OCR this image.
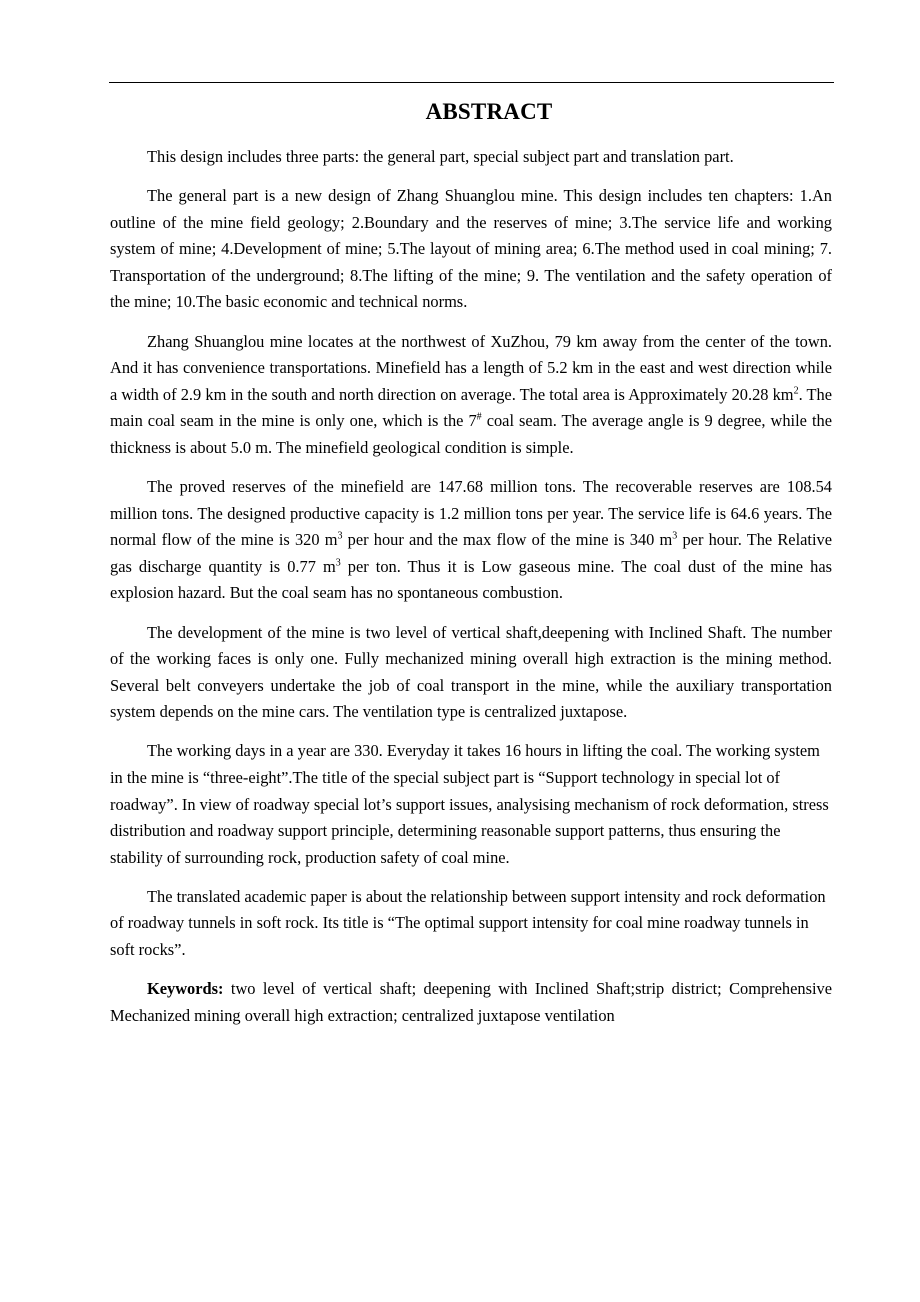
ABSTRACT

This design includes three parts: the general part, special subject part and translation part.

The general part is a new design of Zhang Shuanglou mine. This design includes ten chapters: 1.An outline of the mine field geology; 2.Boundary and the reserves of mine; 3.The service life and working system of mine; 4.Development of mine; 5.The layout of mining area; 6.The method used in coal mining; 7. Transportation of the underground; 8.The lifting of the mine; 9. The ventilation and the safety operation of the mine; 10.The basic economic and technical norms.

Zhang Shuanglou mine locates at the northwest of XuZhou, 79 km away from the center of the town. And it has convenience transportations. Minefield has a length of 5.2 km in the east and west direction while a width of 2.9 km in the south and north direction on average. The total area is Approximately 20.28 $km^2$. The main coal seam in the mine is only one, which is the 7# coal seam. The average angle is 9 degree, while the thickness is about 5.0 m. The minefield geological condition is simple.

The proved reserves of the minefield are 147.68 million tons. The recoverable reserves are 108.54 million tons. The designed productive capacity is 1.2 million tons per year. The service life is 64.6 years. The normal flow of the mine is 320 $m^3$ per hour and the max flow of the mine is 340 $m^3$ per hour. The Relative gas discharge quantity is 0.77 $m^3$ per ton. Thus it is Low gaseous mine. The coal dust of the mine has explosion hazard. But the coal seam has no spontaneous combustion.

The development of the mine is two level of vertical shaft,deepening with Inclined Shaft. The number of the working faces is only one. Fully mechanized mining overall high extraction is the mining method. Several belt conveyers undertake the job of coal transport in the mine, while the auxiliary transportation system depends on the mine cars. The ventilation type is centralized juxtapose.

The working days in a year are 330. Everyday it takes 16 hours in lifting the coal. The working system in the mine is “three-eight”.The title of the special subject part is “Support technology in special lot of roadway”. In view of roadway special lot’s support issues, analysising mechanism of rock deformation, stress distribution and roadway support principle, determining reasonable support patterns, thus ensuring the stability of surrounding rock, production safety of coal mine.

The translated academic paper is about the relationship between support intensity and rock deformation of roadway tunnels in soft rock. Its title is “The optimal support intensity for coal mine roadway tunnels in soft rocks”.

Keywords: two level of vertical shaft; deepening with Inclined Shaft;strip district; Comprehensive Mechanized mining overall high extraction; centralized juxtapose ventilation
